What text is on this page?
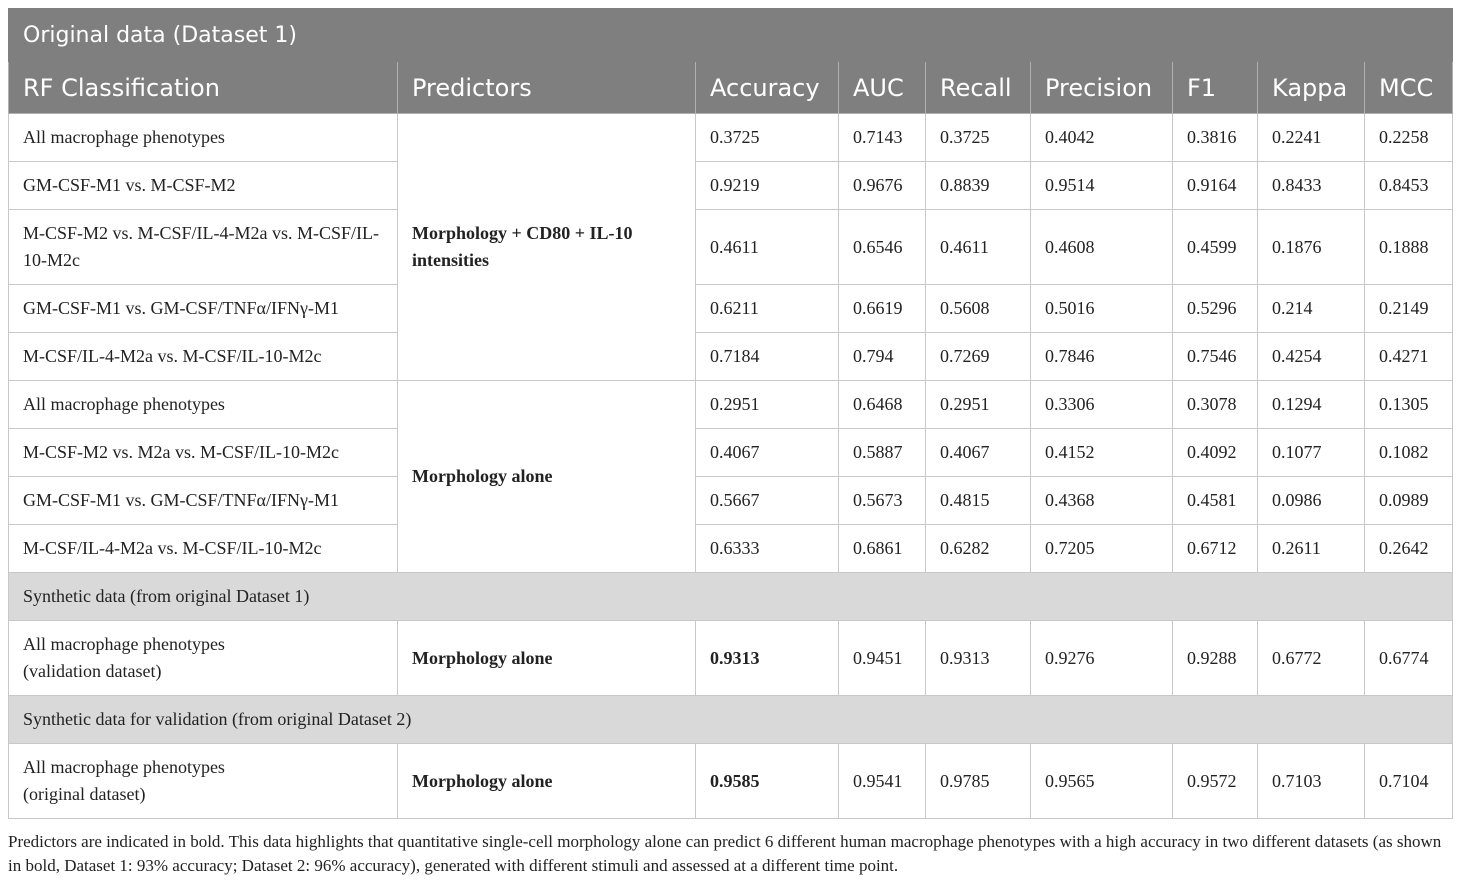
Original data (Dataset 1)								
RF Classification	Predictors	Accuracy	AUC	Recall	Precision	F1	Kappa	MCC
All macrophage phenotypes	Morphology + CD80 + IL-10 intensities	0.3725	0.7143	0.3725	0.4042	0.3816	0.2241	0.2258
GM-CSF-M1 vs. M-CSF-M2		0.9219	0.9676	0.8839	0.9514	0.9164	0.8433	0.8453
M-CSF-M2 vs. M-CSF/IL-4-M2a vs. M-CSF/IL-10-M2c		0.4611	0.6546	0.4611	0.4608	0.4599	0.1876	0.1888
GM-CSF-M1 vs. GM-CSF/TNFα/IFNγ-M1		0.6211	0.6619	0.5608	0.5016	0.5296	0.214	0.2149
M-CSF/IL-4-M2a vs. M-CSF/IL-10-M2c		0.7184	0.794	0.7269	0.7846	0.7546	0.4254	0.4271
All macrophage phenotypes	Morphology alone	0.2951	0.6468	0.2951	0.3306	0.3078	0.1294	0.1305
M-CSF-M2 vs. M2a vs. M-CSF/IL-10-M2c		0.4067	0.5887	0.4067	0.4152	0.4092	0.1077	0.1082
GM-CSF-M1 vs. GM-CSF/TNFα/IFNγ-M1		0.5667	0.5673	0.4815	0.4368	0.4581	0.0986	0.0989
M-CSF/IL-4-M2a vs. M-CSF/IL-10-M2c		0.6333	0.6861	0.6282	0.7205	0.6712	0.2611	0.2642
Synthetic data (from original Dataset 1)								
All macrophage phenotypes
(validation dataset)	Morphology alone	0.9313	0.9451	0.9313	0.9276	0.9288	0.6772	0.6774
Synthetic data for validation (from original Dataset 2)								
All macrophage phenotypes
(original dataset)	Morphology alone	0.9585	0.9541	0.9785	0.9565	0.9572	0.7103	0.7104
Predictors are indicated in bold. This data highlights that quantitative single-cell morphology alone can predict 6 different human macrophage phenotypes with a high accuracy in two different datasets (as shown in bold, Dataset 1: 93% accuracy; Dataset 2: 96% accuracy), generated with different stimuli and assessed at a different time point.
